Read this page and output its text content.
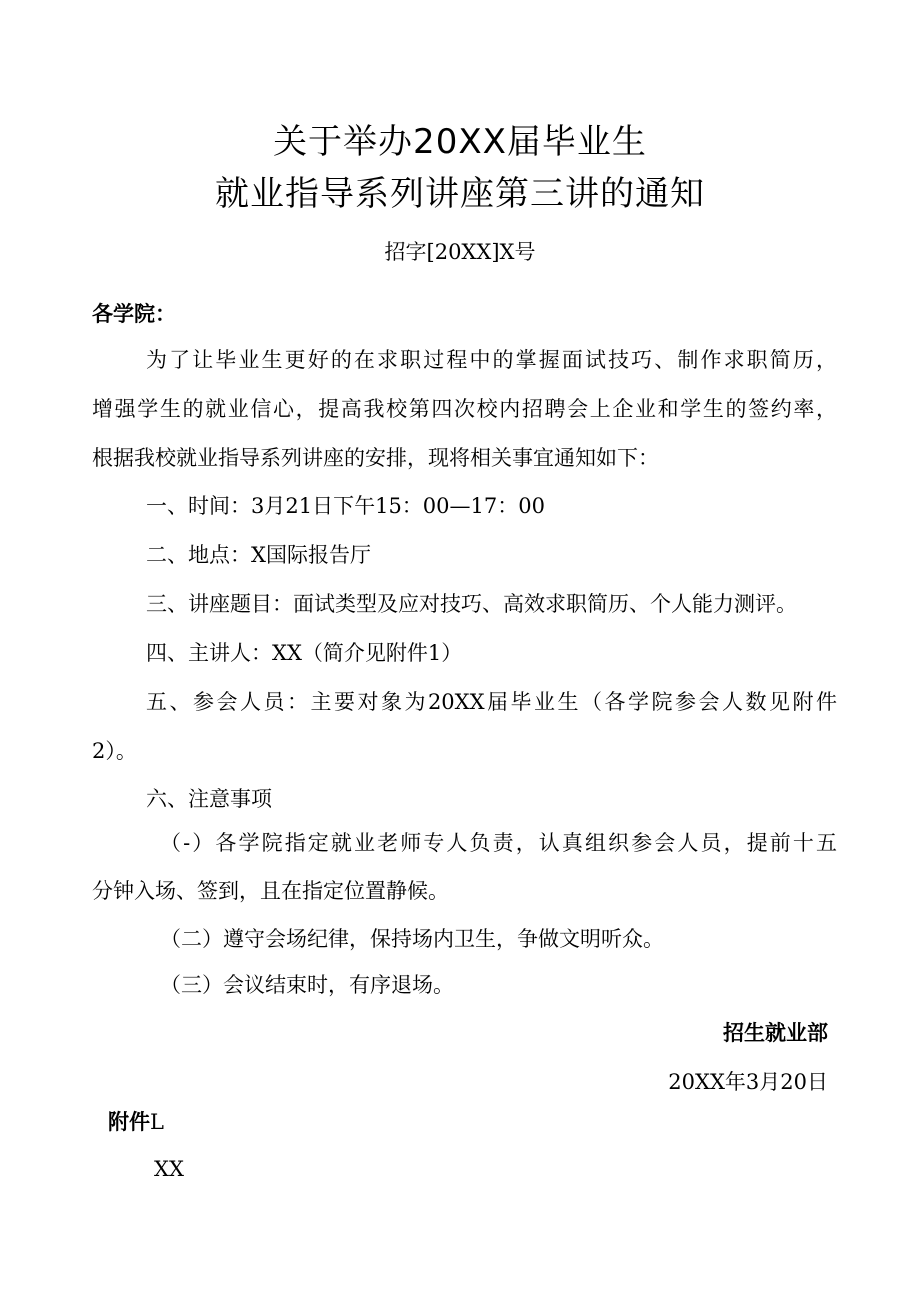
关于举办20XX届毕业生
就业指导系列讲座第三讲的通知
招字[20XX]X号
各学院：
为了让毕业生更好的在求职过程中的掌握面试技巧、制作求职简历，
增强学生的就业信心，提高我校第四次校内招聘会上企业和学生的签约率，
根据我校就业指导系列讲座的安排，现将相关事宜通知如下：
一、时间：3月21日下午15：00—17：00
二、地点：X国际报告厅
三、讲座题目：面试类型及应对技巧、高效求职简历、个人能力测评。
四、主讲人：XX（简介见附件1）
五、参会人员：主要对象为20XX届毕业生（各学院参会人数见附件
2）。
六、注意事项
（-）各学院指定就业老师专人负责，认真组织参会人员，提前十五
分钟入场、签到，且在指定位置静候。
（二）遵守会场纪律，保持场内卫生，争做文明听众。
（三）会议结束时，有序退场。
招生就业部
20XX年3月20日
附件L
XX
